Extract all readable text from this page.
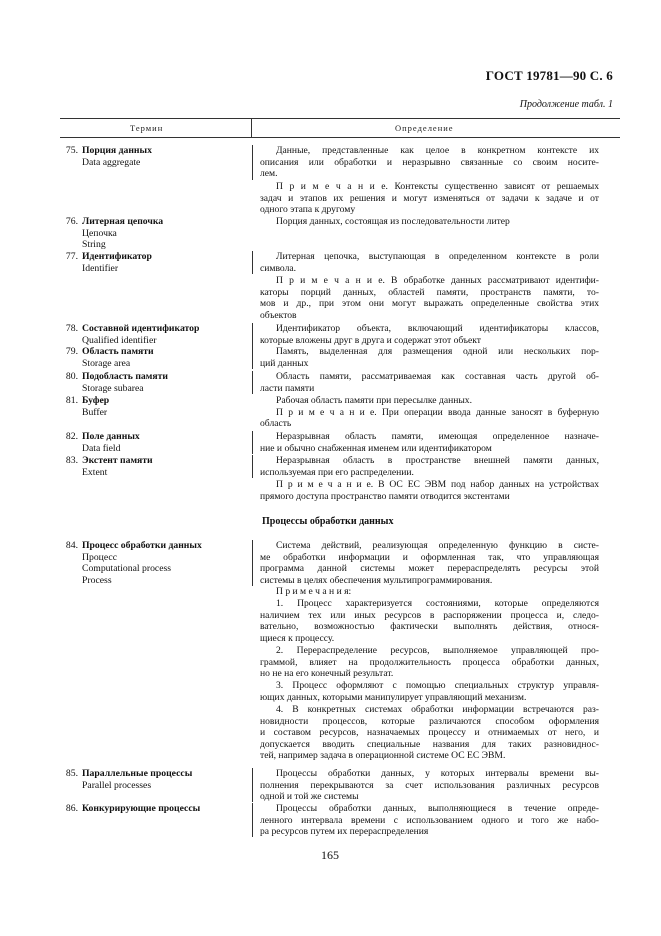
ГОСТ 19781—90 С. 6
Продолжение табл. 1
Термин	Определение
75. Порция данных
Data aggregate
76. Литерная цепочка
Цепочка
String
77. Идентификатор
Identifier
78. Составной идентификатор
Qualified identifier
79. Область памяти
Storage area
80. Подобласть памяти
Storage subarea
81. Буфер
Buffer
82. Поле данных
Data field
83. Экстент памяти
Extent
84. Процесс обработки данных
Процесс
Computational process
Process
85. Параллельные процессы
Parallel processes
86. Конкурирующие процессы
Данные, представленные как целое в конкретном контексте их
описания или обработки и неразрывно связанные со своим носите-
лем.
П р и м е ч а н и е. Контексты существенно зависят от решаемых
задач и этапов их решения и могут изменяться от задачи к задаче и от
одного этапа к другому
Порция данных, состоящая из последовательности литер
Литерная цепочка, выступающая в определенном контексте в роли
символа.
П р и м е ч а н и е. В обработке данных рассматривают идентифи-
каторы порций данных, областей памяти, пространств памяти, то-
мов и др., при этом они могут выражать определенные свойства этих
объектов
Идентификатор объекта, включающий идентификаторы классов,
которые вложены друг в друга и содержат этот объект
Память, выделенная для размещения одной или нескольких пор-
ций данных
Область памяти, рассматриваемая как составная часть другой об-
ласти памяти
Рабочая область памяти при пересылке данных.
П р и м е ч а н и е. При операции ввода данные заносят в буферную
область
Неразрывная область памяти, имеющая определенное назначе-
ние и обычно снабженная именем или идентификатором
Неразрывная область в пространстве внешней памяти данных,
используемая при его распределении.
П р и м е ч а н и е. В ОС ЕС ЭВМ под набор данных на устройствах
прямого доступа пространство памяти отводится экстентами
Система действий, реализующая определенную функцию в систе-
ме обработки информации и оформленная так, что управляющая
программа данной системы может перераспределять ресурсы этой
системы в целях обеспечения мультипрограммирования.
П р и м е ч а н и я:
1. Процесс характеризуется состояниями, которые определяются
наличием тех или иных ресурсов в распоряжении процесса и, следо-
вательно, возможностью фактически выполнять действия, относя-
щиеся к процессу.
2. Перераспределение ресурсов, выполняемое управляющей про-
граммой, влияет на продолжительность процесса обработки данных,
но не на его конечный результат.
3. Процесс оформляют с помощью специальных структур управля-
ющих данных, которыми манипулирует управляющий механизм.
4. В конкретных системах обработки информации встречаются раз-
новидности процессов, которые различаются способом оформления
и составом ресурсов, назначаемых процессу и отнимаемых от него, и
допускается вводить специальные названия для таких разновиднос-
тей, например задача в операционной системе ОС ЕС ЭВМ.
Процессы обработки данных, у которых интервалы времени вы-
полнения перекрываются за счет использования различных ресурсов
одной и той же системы
Процессы обработки данных, выполняющиеся в течение опреде-
ленного интервала времени с использованием одного и того же набо-
ра ресурсов путем их перераспределения
Процессы обработки данных
165
